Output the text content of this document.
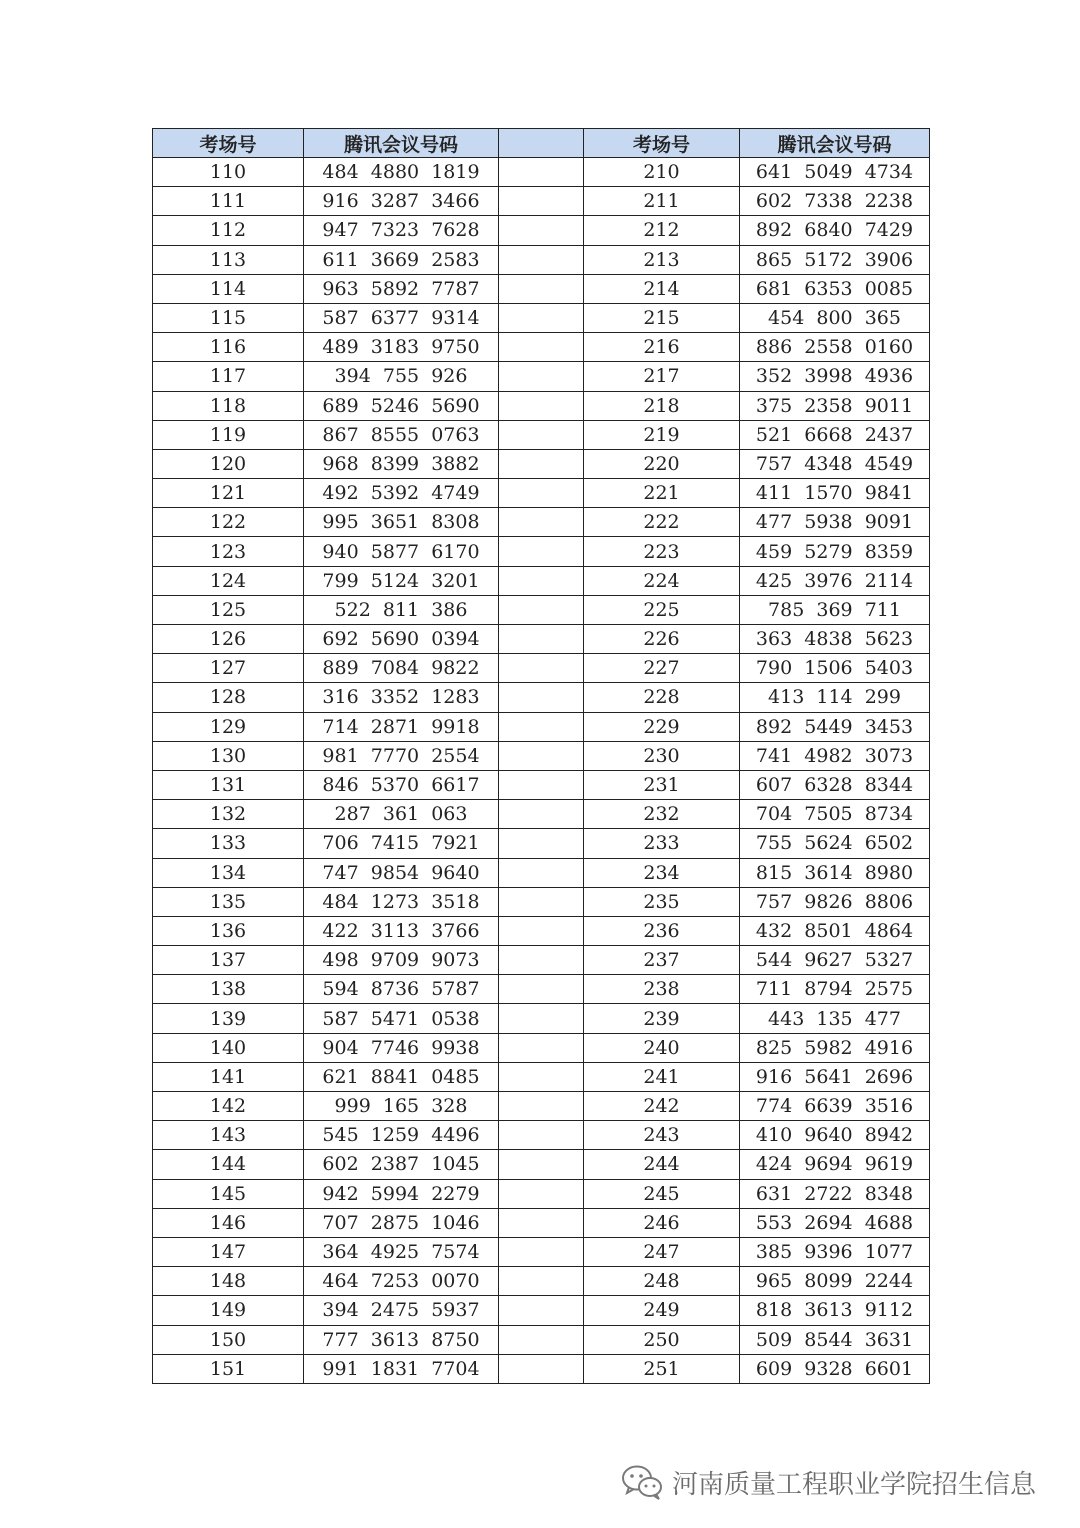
考场号	腾讯会议号码		考场号	腾讯会议号码
110	484  4880  1819		210	641  5049  4734
111	916  3287  3466		211	602  7338  2238
112	947  7323  7628		212	892  6840  7429
113	611  3669  2583		213	865  5172  3906
114	963  5892  7787		214	681  6353  0085
115	587  6377  9314		215	454  800  365
116	489  3183  9750		216	886  2558  0160
117	394  755  926		217	352  3998  4936
118	689  5246  5690		218	375  2358  9011
119	867  8555  0763		219	521  6668  2437
120	968  8399  3882		220	757  4348  4549
121	492  5392  4749		221	411  1570  9841
122	995  3651  8308		222	477  5938  9091
123	940  5877  6170		223	459  5279  8359
124	799  5124  3201		224	425  3976  2114
125	522  811  386		225	785  369  711
126	692  5690  0394		226	363  4838  5623
127	889  7084  9822		227	790  1506  5403
128	316  3352  1283		228	413  114  299
129	714  2871  9918		229	892  5449  3453
130	981  7770  2554		230	741  4982  3073
131	846  5370  6617		231	607  6328  8344
132	287  361  063		232	704  7505  8734
133	706  7415  7921		233	755  5624  6502
134	747  9854  9640		234	815  3614  8980
135	484  1273  3518		235	757  9826  8806
136	422  3113  3766		236	432  8501  4864
137	498  9709  9073		237	544  9627  5327
138	594  8736  5787		238	711  8794  2575
139	587  5471  0538		239	443  135  477
140	904  7746  9938		240	825  5982  4916
141	621  8841  0485		241	916  5641  2696
142	999  165  328		242	774  6639  3516
143	545  1259  4496		243	410  9640  8942
144	602  2387  1045		244	424  9694  9619
145	942  5994  2279		245	631  2722  8348
146	707  2875  1046		246	553  2694  4688
147	364  4925  7574		247	385  9396  1077
148	464  7253  0070		248	965  8099  2244
149	394  2475  5937		249	818  3613  9112
150	777  3613  8750		250	509  8544  3631
151	991  1831  7704		251	609  9328  6601
河南质量工程职业学院招生信息
